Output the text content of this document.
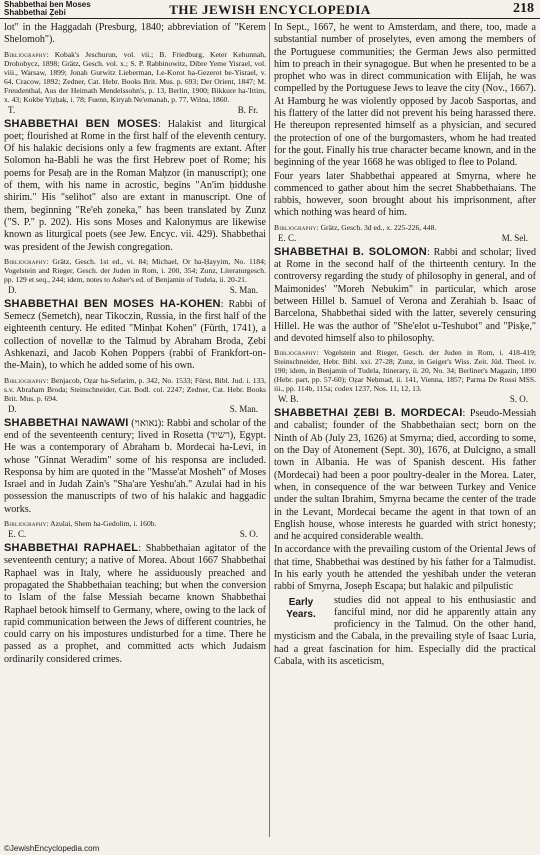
Shabbethai ben Moses
Shabbethai Ẓebi	THE JEWISH ENCYCLOPEDIA	218

lot" in the Haggadah (Presburg, 1840; abbreviation of "Kerem Shelomoh").

Bibliography: Kobak's Jeschurun, vol. vii.; B. Friedburg, Keter Kehunnah, Drohobycz, 1898; Grätz, Gesch. vol. x.; S. P. Rabbinowitz, Dibre Yeme Yisrael, vol. viii., Warsaw, 1899; Jonah Gurwitz Lieberman, Le-Korot ha-Gezerot be-Yisrael, v. 64, Cracow, 1892; Zedner, Cat. Hebr. Books Brit. Mus. p. 693; Der Orient, 1847; M. Freudenthal, Aus der Heimath Mendelssohn's, p. 13, Berlin, 1900; Bikkure ha-'Ittim, x. 43; Kokbe Yiẓḥaḳ, i. 78; Fuenn, Ḳiryah Ne'emanah, p. 77, Wilna, 1860.
T.	B. Fr.

SHABBETHAI BEN MOSES: Halakist and liturgical poet; flourished at Rome in the first half of the eleventh century. Of his halakic decisions only a few fragments are extant. After Solomon ha-Babli he was the first Hebrew poet of Rome; his poems for Pesaḥ are in the Roman Maḥzor (in manuscript); one of them, with his name in acrostic, begins "An'im ḥiddushe shirim." His "selihot" also are extant in manuscript. One of them, beginning "Re'eh ẓoneka," has been translated by Zunz ("S. P." p. 202). His sons Moses and Kalonymus are likewise known as liturgical poets (see Jew. Encyc. vii. 429). Shabbethai was president of the Jewish congregation.

Bibliography: Grätz, Gesch. 1st ed., vi. 84; Michael, Or ha-Ḥayyim, No. 1184; Vogelstein and Rieger, Gesch. der Juden in Rom, i. 200, 354; Zunz, Literaturgesch. pp. 129 et seq., 244; idem, notes to Asher's ed. of Benjamin of Tudela, ii. 20-21.
D.	S. Man.

SHABBETHAI BEN MOSES HA-KOHEN: Rabbi of Semecz (Semetch), near Tikoczin, Russia, in the first half of the eighteenth century. He edited "Minḥat Kohen" (Fürth, 1741), a collection of novellæ to the Talmud by Abraham Broda, Ẓebi Ashkenazi, and Jacob Kohen Poppers (rabbi of Frankfort-on-the-Main), to which he added some of his own.

Bibliography: Benjacob, Oẓar ha-Sefarim, p. 342, No. 1533; Fürst, Bibl. Jud. i. 133, s.v. Abraham Broda; Steinschneider, Cat. Bodl. col. 2247; Zedner, Cat. Hebr. Books Brit. Mus. p. 694.
D.	S. Man.

SHABBETHAI NAWAWI (נאואוי): Rabbi and scholar of the end of the seventeenth century; lived in Rosetta (רשיד), Egypt. He was a contemporary of Abraham b. Mordecai ha-Levi, in whose "Ginnat Weradim" some of his responsa are included. Responsa by him are quoted in the "Masse'at Mosheh" of Moses Israel and in Judah Zain's "Sha'are Yeshu'ah." Azulai had in his possession the manuscripts of two of his halakic and haggadic works.

Bibliography: Azulai, Shem ha-Gedolim, i. 160b.
E. C.	S. O.

SHABBETHAI RAPHAEL: Shabbethaian agitator of the seventeenth century; a native of Morea. About 1667 Shabbethai Raphael was in Italy, where he assiduously preached and propagated the Shabbethaian teaching; but when the conversion to Islam of the false Messiah became known Shabbethai Raphael betook himself to Germany, where, owing to the lack of rapid communication between the Jews of different countries, he could carry on his impostures undisturbed for a time. There he passed as a prophet, and committed acts which Judaism ordinarily considered crimes.

In Sept., 1667, he went to Amsterdam, and there, too, made a substantial number of proselytes, even among the members of the Portuguese communities; the German Jews also permitted him to preach in their synagogue. But when he presented to be a prophet who was in direct communication with Elijah, he was compelled by the Portuguese Jews to leave the city (Nov., 1667). At Hamburg he was violently opposed by Jacob Sasportas, and his flattery of the latter did not prevent his being harassed there. He thereupon represented himself as a physician, and secured the protection of one of the burgomasters, whom he had treated for the gout. Finally his true character became known, and in the beginning of the year 1668 he was obliged to flee to Poland.

Four years later Shabbethai appeared at Smyrna, where he commenced to gather about him the secret Shabbethaians. The rabbis, however, soon brought about his imprisonment, after which nothing was heard of him.

Bibliography: Grätz, Gesch. 3d ed., x. 225-226, 448.
E. C.	M. Sel.

SHABBETHAI B. SOLOMON: Rabbi and scholar; lived at Rome in the second half of the thirteenth century. In the controversy regarding the study of philosophy in general, and of Maimonides' "Moreh Nebukim" in particular, which arose between Hillel b. Samuel of Verona and Zerahiah b. Isaac of Barcelona, Shabbethai sided with the latter, severely censuring Hillel. He was the author of "She'elot u-Teshubot" and "Pisḳe," and devoted himself also to philosophy.

Bibliography: Vogelstein and Rieger, Gesch. der Juden in Rom, i. 418-419; Steinschneider, Hebr. Bibl. xxi. 27-28; Zunz, in Geiger's Wiss. Zeit. Jüd. Theol. iv. 190; idem, in Benjamin of Tudela, Itinerary, ii. 20, No. 34; Berliner's Magazin, 1890 (Hebr. part, pp. 57-60); Oẓar Neḥmad, ii. 141, Vienna, 1857; Parma De Rossi MSS. iii., pp. 114b, 115a; codex 1237, Nos. 11, 12, 13.
W. B.	S. O.

SHABBETHAI ẒEBI B. MORDECAI: Pseudo-Messiah and cabalist; founder of the Shabbethaian sect; born on the Ninth of Ab (July 23, 1626) at Smyrna; died, according to some, on the Day of Atonement (Sept. 30), 1676, at Dulcigno, a small town in Albania. He was of Spanish descent. His father (Mordecai) had been a poor poultry-dealer in the Morea. Later, when, in consequence of the war between Turkey and Venice under the sultan Ibrahim, Smyrna became the center of the trade in the Levant, Mordecai became the agent in that town of an English house, whose interests he guarded with strict honesty; and he acquired considerable wealth.

In accordance with the prevailing custom of the Oriental Jews of that time, Shabbethai was destined by his father for a Talmudist. In his early youth he attended the yeshibah under the veteran rabbi of Smyrna, Joseph Escapa; but halakic and pilpulistic

Early Years.

studies did not appeal to his enthusiastic and fanciful mind, nor did he apparently attain any proficiency in the Talmud. On the other hand, mysticism and the Cabala, in the prevailing style of Isaac Luria, had a great fascination for him. Especially did the practical Cabala, with its asceticism,

©JewishEncyclopedia.com
